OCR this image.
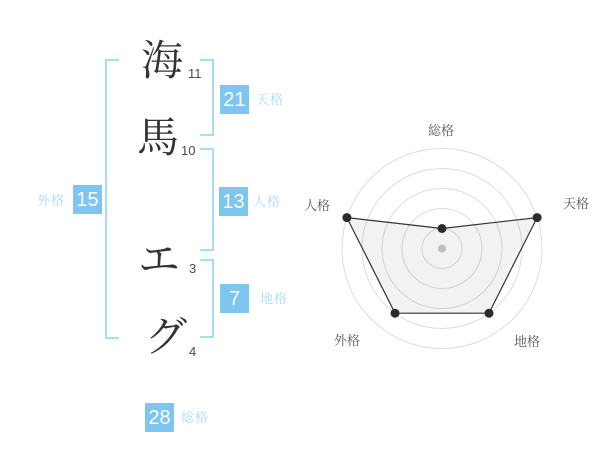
海
馬
エ
グ
11
10
3
4
21 天格
13 人格
7	地格
外格 15
28 総格
総格
天格
地格
外格
人格
